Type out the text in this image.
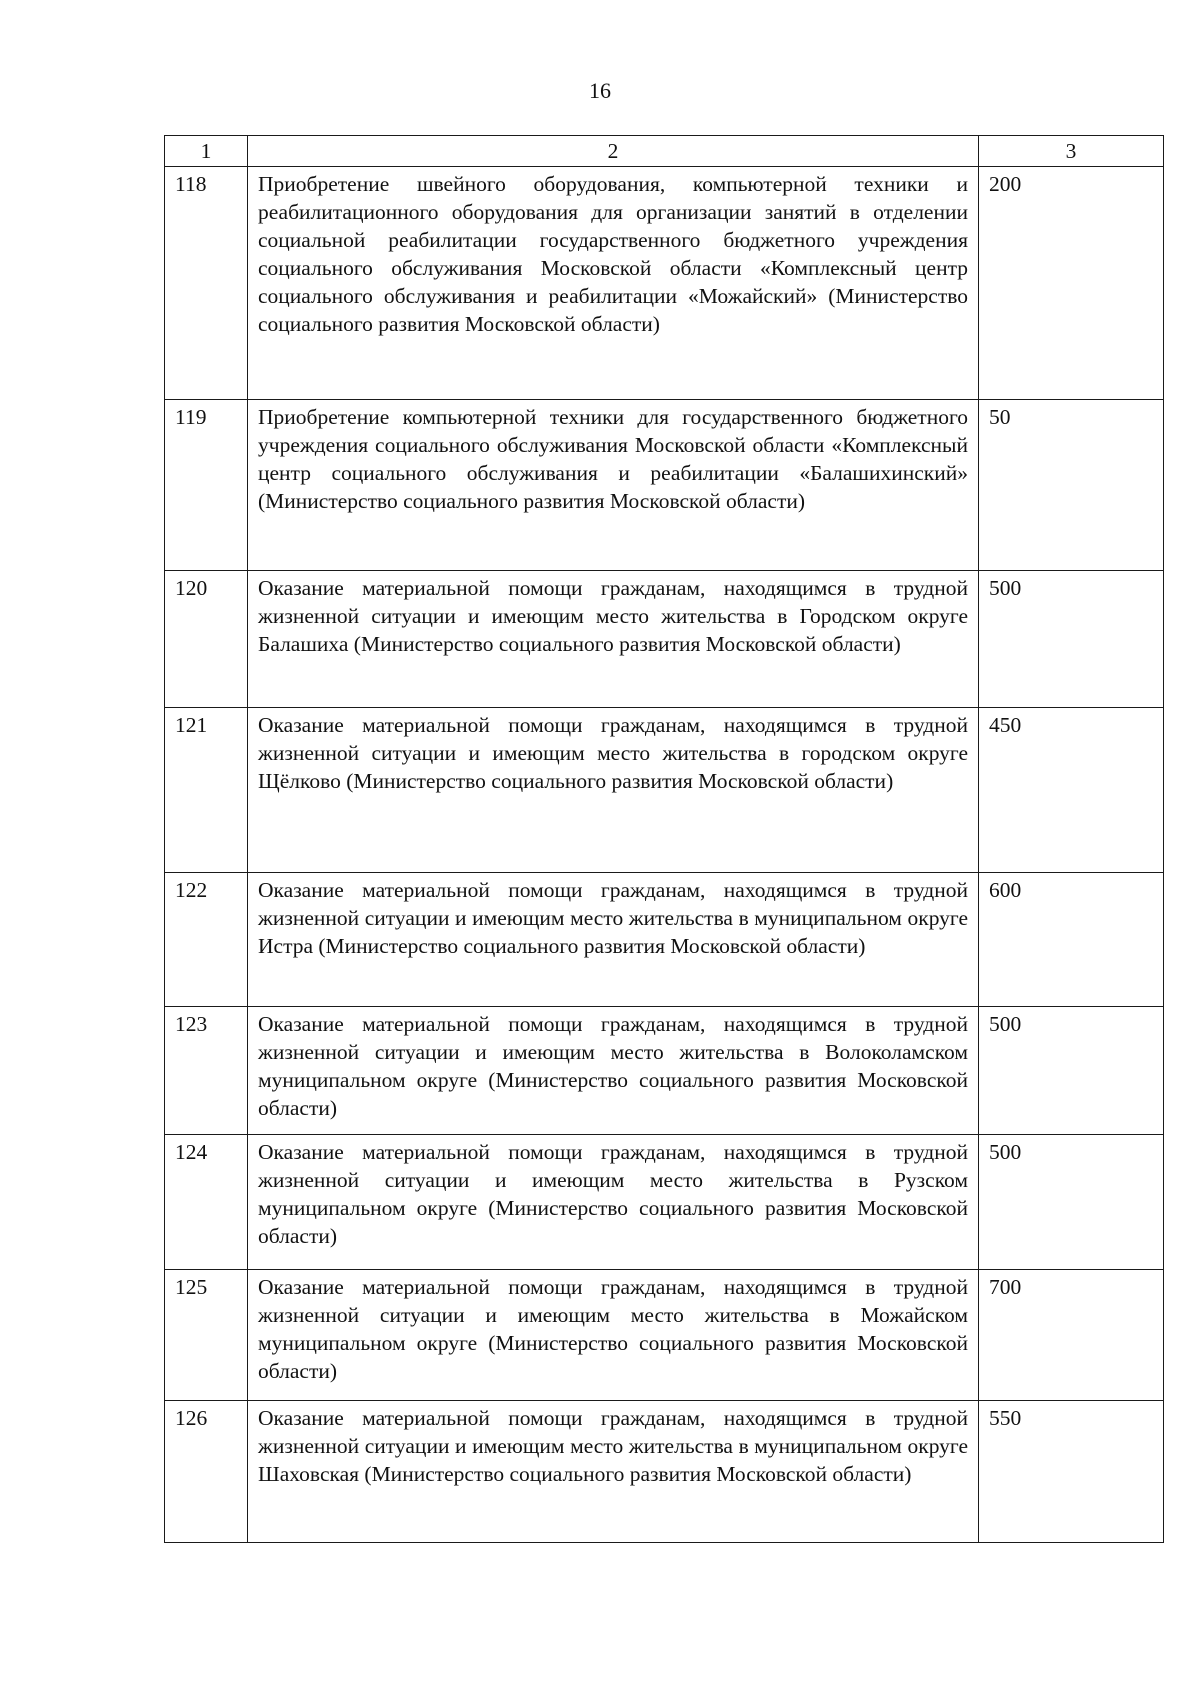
16
1	2	3
118	Приобретение швейного оборудования, компьютерной техники и реабилитационного оборудования для организации занятий в отделении социальной реабилитации государственного бюджетного учреждения социального обслуживания Московской области «Комплексный центр социального обслуживания и реабилитации «Можайский» (Министерство социального развития Московской области)	200
119	Приобретение компьютерной техники для государственного бюджетного учреждения социального обслуживания Московской области «Комплексный центр социального обслуживания и реабилитации «Балашихинский» (Министерство социального развития Московской области)	50
120	Оказание материальной помощи гражданам, находящимся в трудной жизненной ситуации и имеющим место жительства в Городском округе Балашиха (Министерство социального развития Московской области)	500
121	Оказание материальной помощи гражданам, находящимся в трудной жизненной ситуации и имеющим место жительства в городском округе Щёлково (Министерство социального развития Московской области)	450
122	Оказание материальной помощи гражданам, находящимся в трудной жизненной ситуации и имеющим место жительства в муниципальном округе Истра (Министерство социального развития Московской области)	600
123	Оказание материальной помощи гражданам, находящимся в трудной жизненной ситуации и имеющим место жительства в Волоколамском муниципальном округе (Министерство социального развития Московской области)	500
124	Оказание материальной помощи гражданам, находящимся в трудной жизненной ситуации и имеющим место жительства в Рузском муниципальном округе (Министерство социального развития Московской области)	500
125	Оказание материальной помощи гражданам, находящимся в трудной жизненной ситуации и имеющим место жительства в Можайском муниципальном округе (Министерство социального развития Московской области)	700
126	Оказание материальной помощи гражданам, находящимся в трудной жизненной ситуации и имеющим место жительства в муниципальном округе Шаховская (Министерство социального развития Московской области)	550
